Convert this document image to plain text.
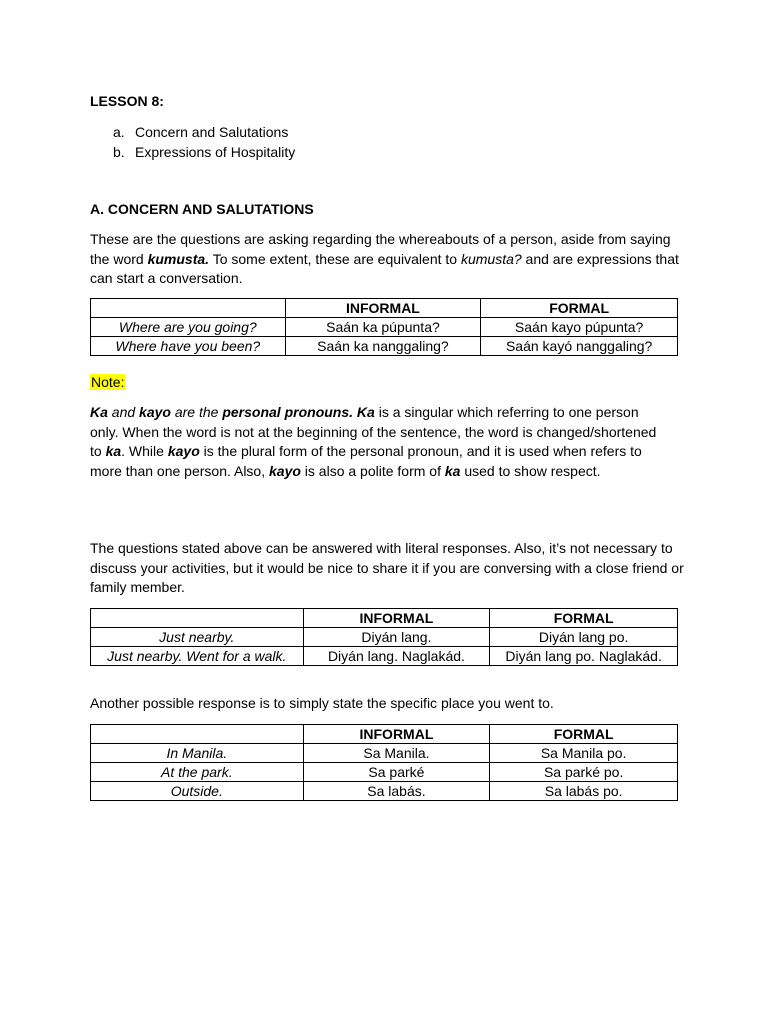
LESSON 8:
a. Concern and Salutations
b. Expressions of Hospitality
A. CONCERN AND SALUTATIONS

These are the questions are asking regarding the whereabouts of a person, aside from saying the word kumusta. To some extent, these are equivalent to kumusta? and are expressions that can start a conversation.

	INFORMAL	FORMAL
Where are you going?	Saán ka púpunta?	Saán kayo púpunta?
Where have you been?	Saán ka nanggaling?	Saán kayó nanggaling?
Note:

Ka and kayo are the personal pronouns. Ka is a singular which referring to one person only. When the word is not at the beginning of the sentence, the word is changed/shortened to ka. While kayo is the plural form of the personal pronoun, and it is used when refers to more than one person. Also, kayo is also a polite form of ka used to show respect.

The questions stated above can be answered with literal responses. Also, it’s not necessary to discuss your activities, but it would be nice to share it if you are conversing with a close friend or family member.

	INFORMAL	FORMAL
Just nearby.	Diyán lang.	Diyán lang po.
Just nearby. Went for a walk.	Diyán lang. Naglakád.	Diyán lang po. Naglakád.

Another possible response is to simply state the specific place you went to.

	INFORMAL	FORMAL
In Manila.	Sa Manila.	Sa Manila po.
At the park.	Sa parké	Sa parké po.
Outside.	Sa labás.	Sa labás po.
